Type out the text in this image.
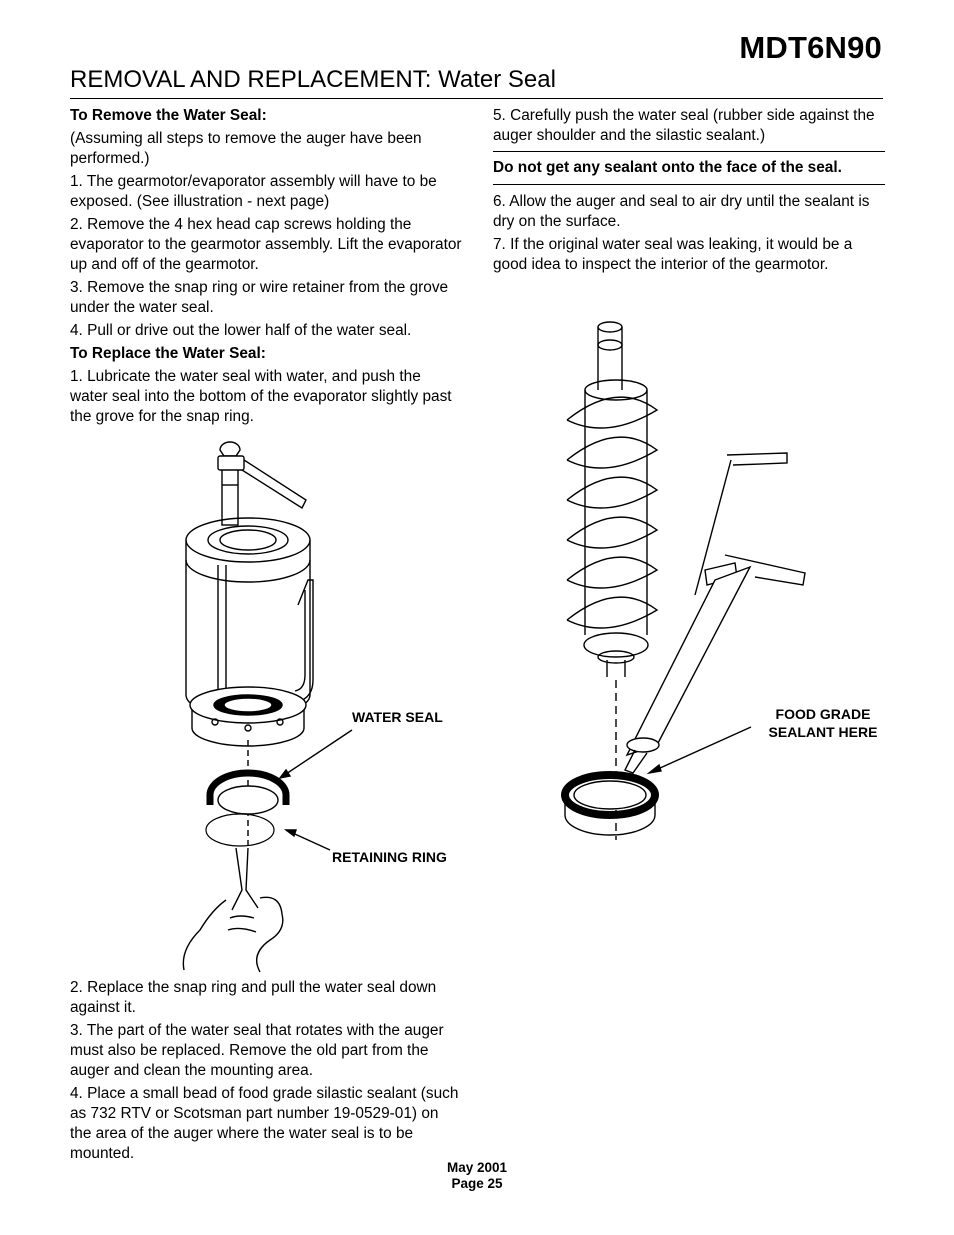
MDT6N90
REMOVAL AND REPLACEMENT: Water Seal

To Remove the Water Seal:

(Assuming all steps to remove the auger have been performed.)

1. The gearmotor/evaporator assembly will have to be exposed. (See illustration - next page)

2. Remove the 4 hex head cap screws holding the evaporator to the gearmotor assembly. Lift the evaporator up and off of the gearmotor.

3. Remove the snap ring or wire retainer from the grove under the water seal.

4. Pull or drive out the lower half of the water seal.

To Replace the Water Seal:

1. Lubricate the water seal with water, and push the water seal into the bottom of the evaporator slightly past the grove for the snap ring.

2. Replace the snap ring and pull the water seal down against it.

3. The part of the water seal that rotates with the auger must also be replaced. Remove the old part from the auger and clean the mounting area.

4. Place a small bead of food grade silastic sealant (such as 732 RTV or Scotsman part number 19-0529-01) on the area of the auger where the water seal is to be mounted.

5. Carefully push the water seal (rubber side against the auger shoulder and the silastic sealant.)

Do not get any sealant onto the face of the seal.

6. Allow the auger and seal to air dry until the sealant is dry on the surface.

7. If the original water seal was leaking, it would be a good idea to inspect the interior of the gearmotor.

WATER SEAL
RETAINING RING
FOOD GRADE SEALANT HERE
May 2001
Page 25
